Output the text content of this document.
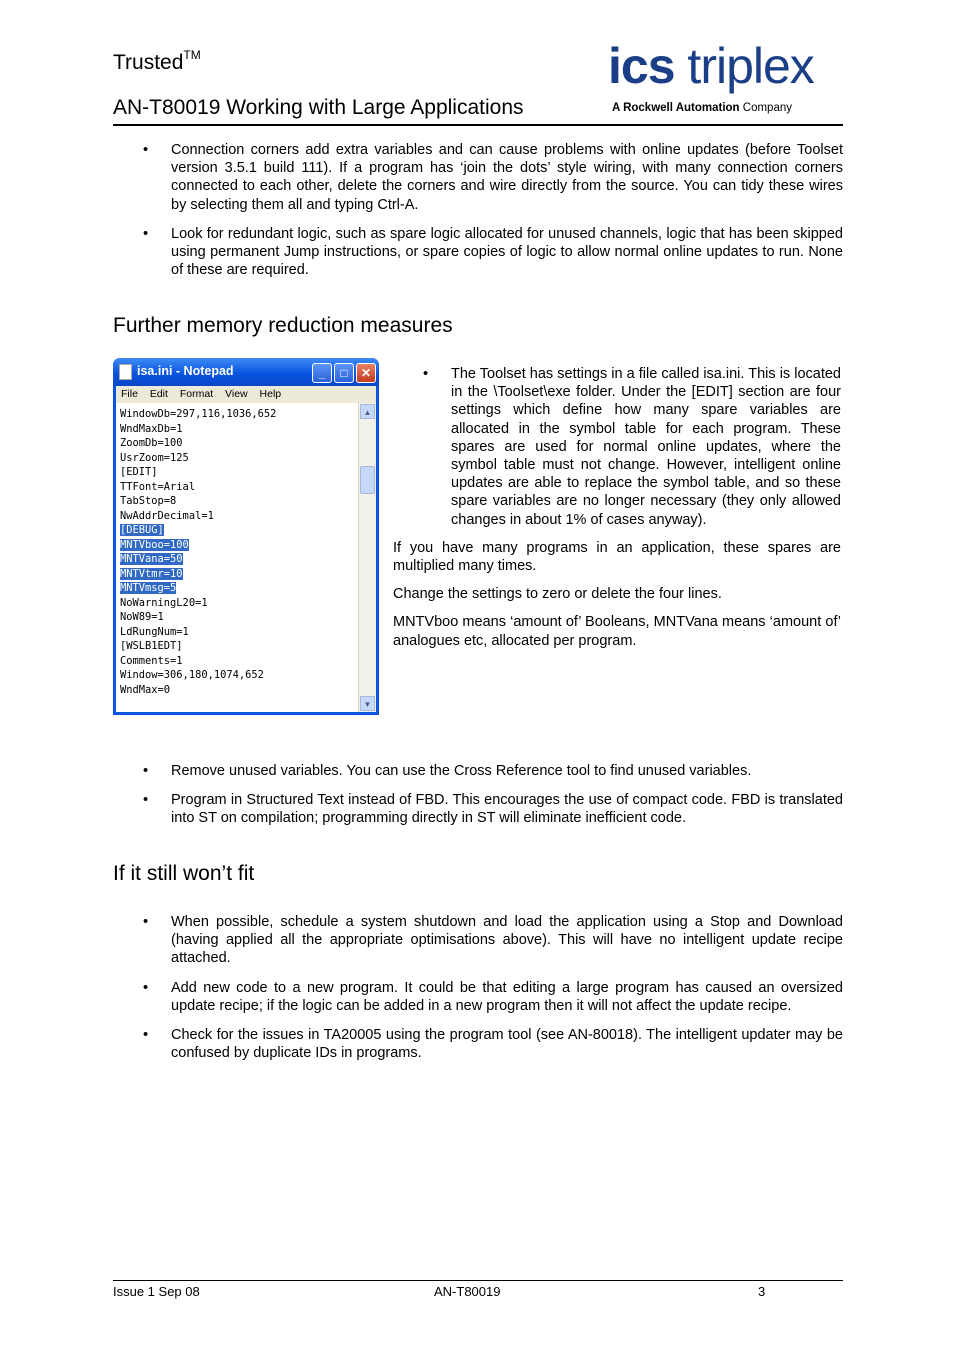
Trusted™
AN-T80019 Working with Large Applications
ics triplex
A Rockwell Automation Company
• Connection corners add extra variables and can cause problems with online updates (before Toolset version 3.5.1 build 111). If a program has ‘join the dots’ style wiring, with many connection corners connected to each other, delete the corners and wire directly from the source. You can tidy these wires by selecting them all and typing Ctrl-A.
• Look for redundant logic, such as spare logic allocated for unused channels, logic that has been skipped using permanent Jump instructions, or spare copies of logic to allow normal online updates to run. None of these are required.
Further memory reduction measures
isa.ini - Notepad	_	□	✕
File Edit Format View Help
WindowDb=297,116,1036,652
WndMaxDb=1
ZoomDb=100
UsrZoom=125
[EDIT]
TTFont=Arial
TabStop=8
NwAddrDecimal=1
[DEBUG]
MNTVboo=100
MNTVana=50
MNTVtmr=10
MNTVmsg=5
NoWarningL20=1
NoW89=1
LdRungNum=1
[WSLB1EDT]
Comments=1
Window=306,180,1074,652
WndMax=0
▲
▼
• The Toolset has settings in a file called isa.ini. This is located in the \Toolset\exe folder. Under the [EDIT] section are four settings which define how many spare variables are allocated in the symbol table for each program. These spares are used for normal online updates, where the symbol table must not change. However, intelligent online updates are able to replace the symbol table, and so these spare variables are no longer necessary (they only allowed changes in about 1% of cases anyway).

If you have many programs in an application, these spares are multiplied many times.

Change the settings to zero or delete the four lines.

MNTVboo means ‘amount of’ Booleans, MNTVana means ‘amount of’ analogues etc, allocated per program.

• Remove unused variables. You can use the Cross Reference tool to find unused variables.
• Program in Structured Text instead of FBD. This encourages the use of compact code. FBD is translated into ST on compilation; programming directly in ST will eliminate inefficient code.
If it still won’t fit
• When possible, schedule a system shutdown and load the application using a Stop and Download (having applied all the appropriate optimisations above). This will have no intelligent update recipe attached.
• Add new code to a new program. It could be that editing a large program has caused an oversized update recipe; if the logic can be added in a new program then it will not affect the update recipe.
• Check for the issues in TA20005 using the program tool (see AN-80018). The intelligent updater may be confused by duplicate IDs in programs.
Issue 1 Sep 08	AN-T80019	3
